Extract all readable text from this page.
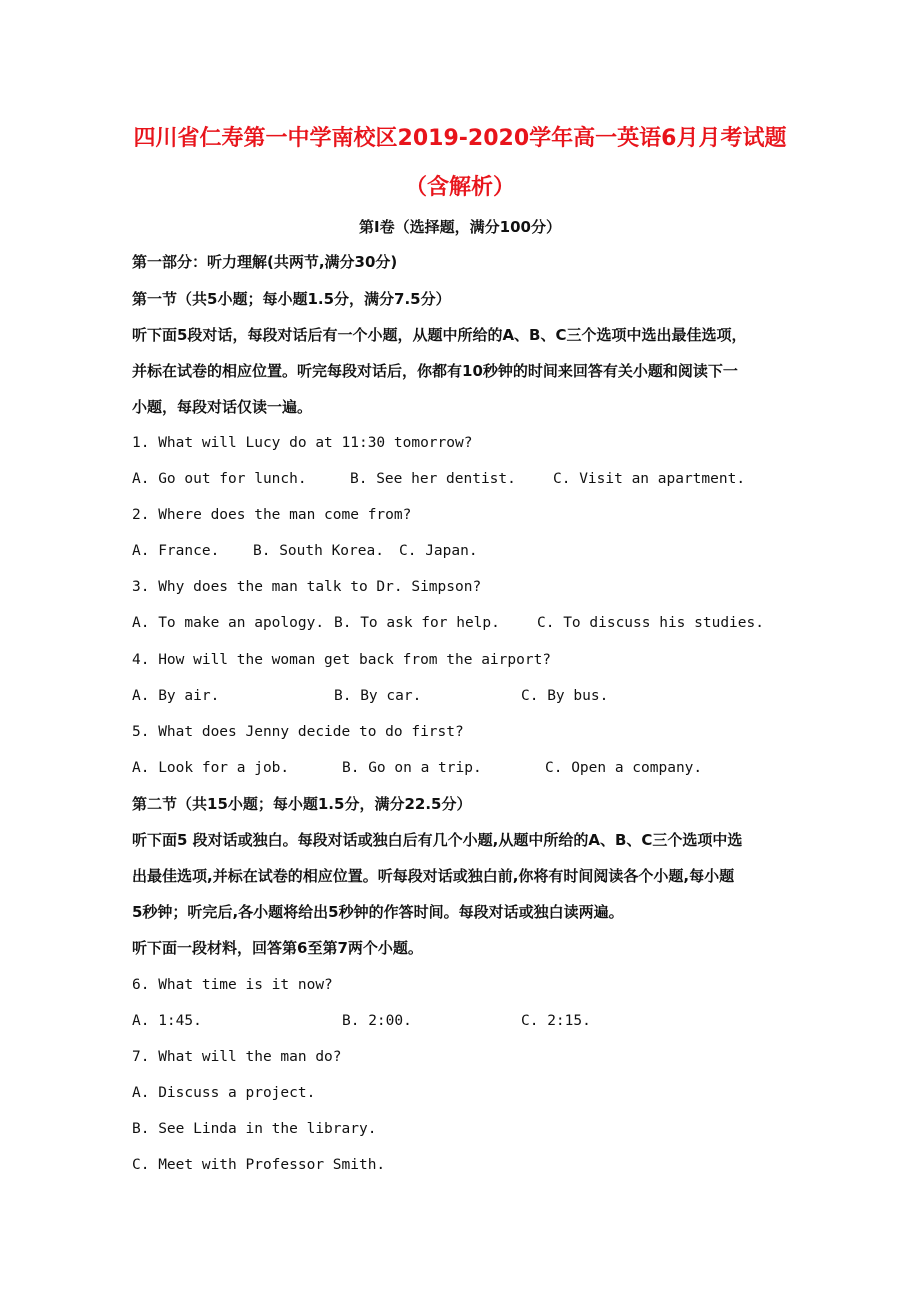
四川省仁寿第一中学南校区2019-2020学年高一英语6月月考试题
（含解析）
第Ⅰ卷（选择题，满分100分）
第一部分：听力理解(共两节,满分30分)
第一节（共5小题；每小题1.5分，满分7.5分）
听下面5段对话，每段对话后有一个小题，从题中所给的A、B、C三个选项中选出最佳选项，
并标在试卷的相应位置。听完每段对话后，你都有10秒钟的时间来回答有关小题和阅读下一
小题，每段对话仅读一遍。
1. What will Lucy do at 11:30 tomorrow?
A. Go out for lunch.	B. See her dentist.	C. Visit an apartment.
2. Where does the man come from?
A. France. B. South Korea. C. Japan.
3. Why does the man talk to Dr. Simpson?
A. To make an apology. B. To ask for help.	C. To discuss his studies.
4. How will the woman get back from the airport?
A. By air.	B. By car.	C. By bus.
5. What does Jenny decide to do first?
A. Look for a job.	B. Go on a trip.	C. Open a company.
第二节（共15小题；每小题1.5分，满分22.5分）
听下面5 段对话或独白。每段对话或独白后有几个小题,从题中所给的A、B、C三个选项中选
出最佳选项,并标在试卷的相应位置。听每段对话或独白前,你将有时间阅读各个小题,每小题
5秒钟；听完后,各小题将给出5秒钟的作答时间。每段对话或独白读两遍。
听下面一段材料，回答第6至第7两个小题。
6. What time is it now?
A. 1:45.	B. 2:00.	C. 2:15.
7. What will the man do?
A. Discuss a project.
B. See Linda in the library.
C. Meet with Professor Smith.
